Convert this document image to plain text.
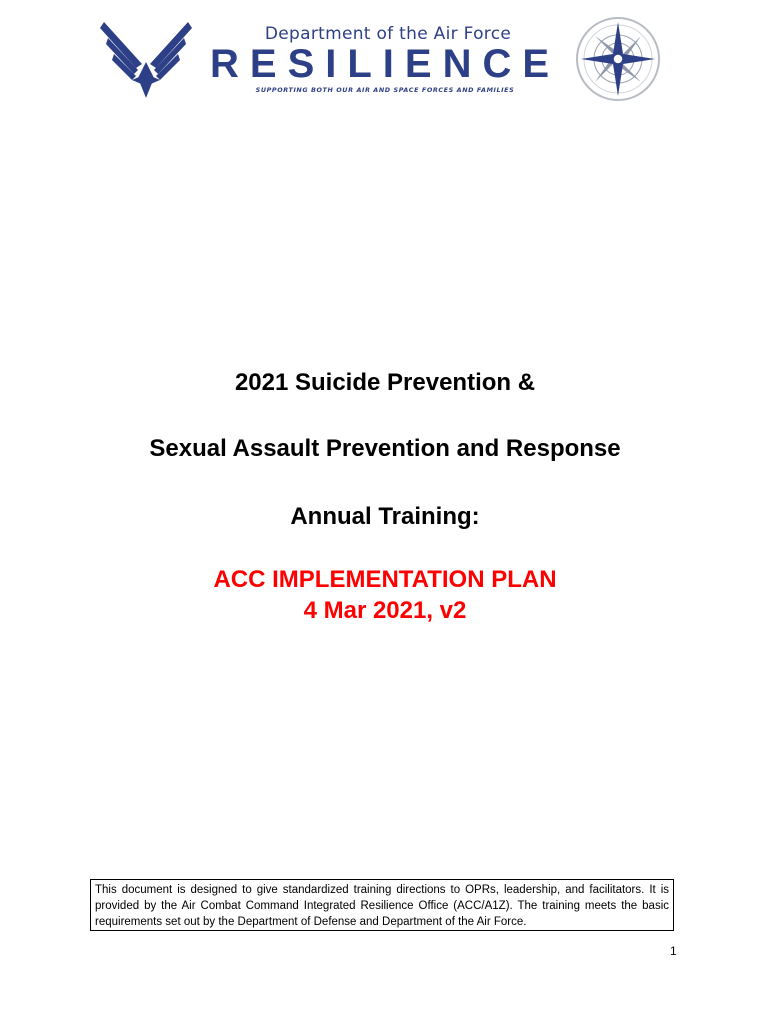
Department of the Air Force
RESILIENCE
SUPPORTING BOTH OUR AIR AND SPACE FORCES AND FAMILIES
2021 Suicide Prevention &
Sexual Assault Prevention and Response
Annual Training:
ACC IMPLEMENTATION PLAN
4 Mar 2021, v2
This document is designed to give standardized training directions to OPRs, leadership, and facilitators. It is provided by the Air Combat Command Integrated Resilience Office (ACC/A1Z). The training meets the basic requirements set out by the Department of Defense and Department of the Air Force.
1
